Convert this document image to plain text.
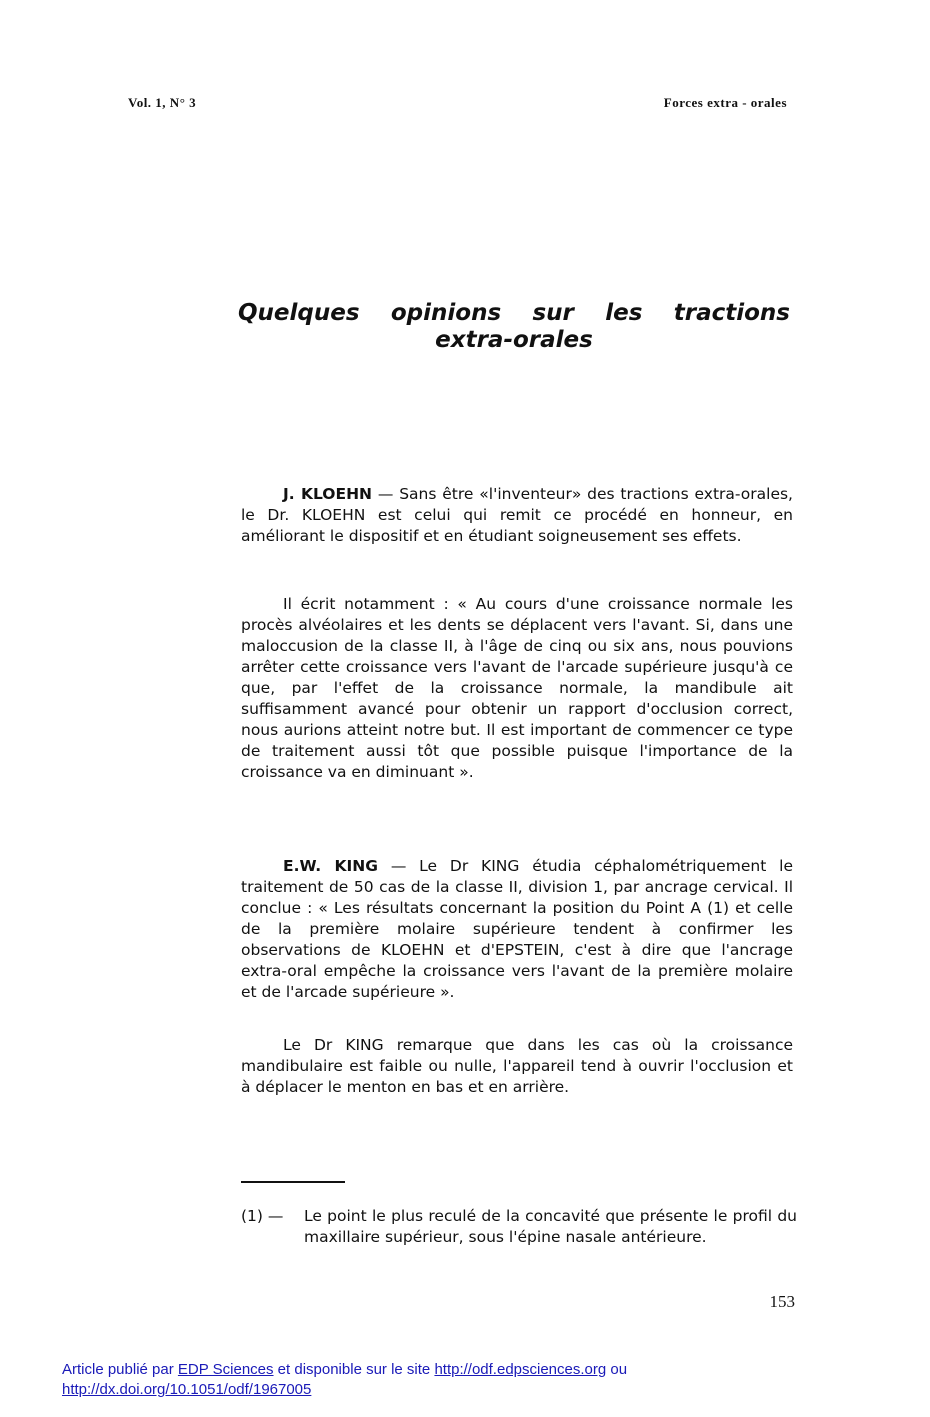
Vol. 1, N° 3	Forces extra - orales
Quelques opinions sur les tractions
extra-orales

J. KLOEHN — Sans être «l'inventeur» des tractions extra-orales, le Dr. KLOEHN est celui qui remit ce procédé en honneur, en améliorant le dispositif et en étudiant soigneusement ses effets.

Il écrit notamment : « Au cours d'une croissance normale les procès alvéolaires et les dents se déplacent vers l'avant. Si, dans une maloccusion de la classe II, à l'âge de cinq ou six ans, nous pouvions arrêter cette croissance vers l'avant de l'arcade supérieure jusqu'à ce que, par l'effet de la croissance normale, la mandibule ait suffisamment avancé pour obtenir un rapport d'occlusion correct, nous aurions atteint notre but. Il est important de commencer ce type de traitement aussi tôt que possible puisque l'importance de la croissance va en diminuant ».

E.W. KING — Le Dr KING étudia céphalométriquement le traitement de 50 cas de la classe II, division 1, par ancrage cervical. Il conclue : « Les résultats concernant la position du Point A (1) et celle de la première molaire supérieure tendent à confirmer les observations de KLOEHN et d'EPSTEIN, c'est à dire que l'ancrage extra-oral empêche la croissance vers l'avant de la première molaire et de l'arcade supérieure ».

Le Dr KING remarque que dans les cas où la croissance mandibulaire est faible ou nulle, l'appareil tend à ouvrir l'occlusion et à déplacer le menton en bas et en arrière.

(1) —	Le point le plus reculé de la concavité que présente le profil du maxillaire supérieur, sous l'épine nasale antérieure.
153
Article publié par EDP Sciences et disponible sur le site http://odf.edpsciences.org ou
http://dx.doi.org/10.1051/odf/1967005
